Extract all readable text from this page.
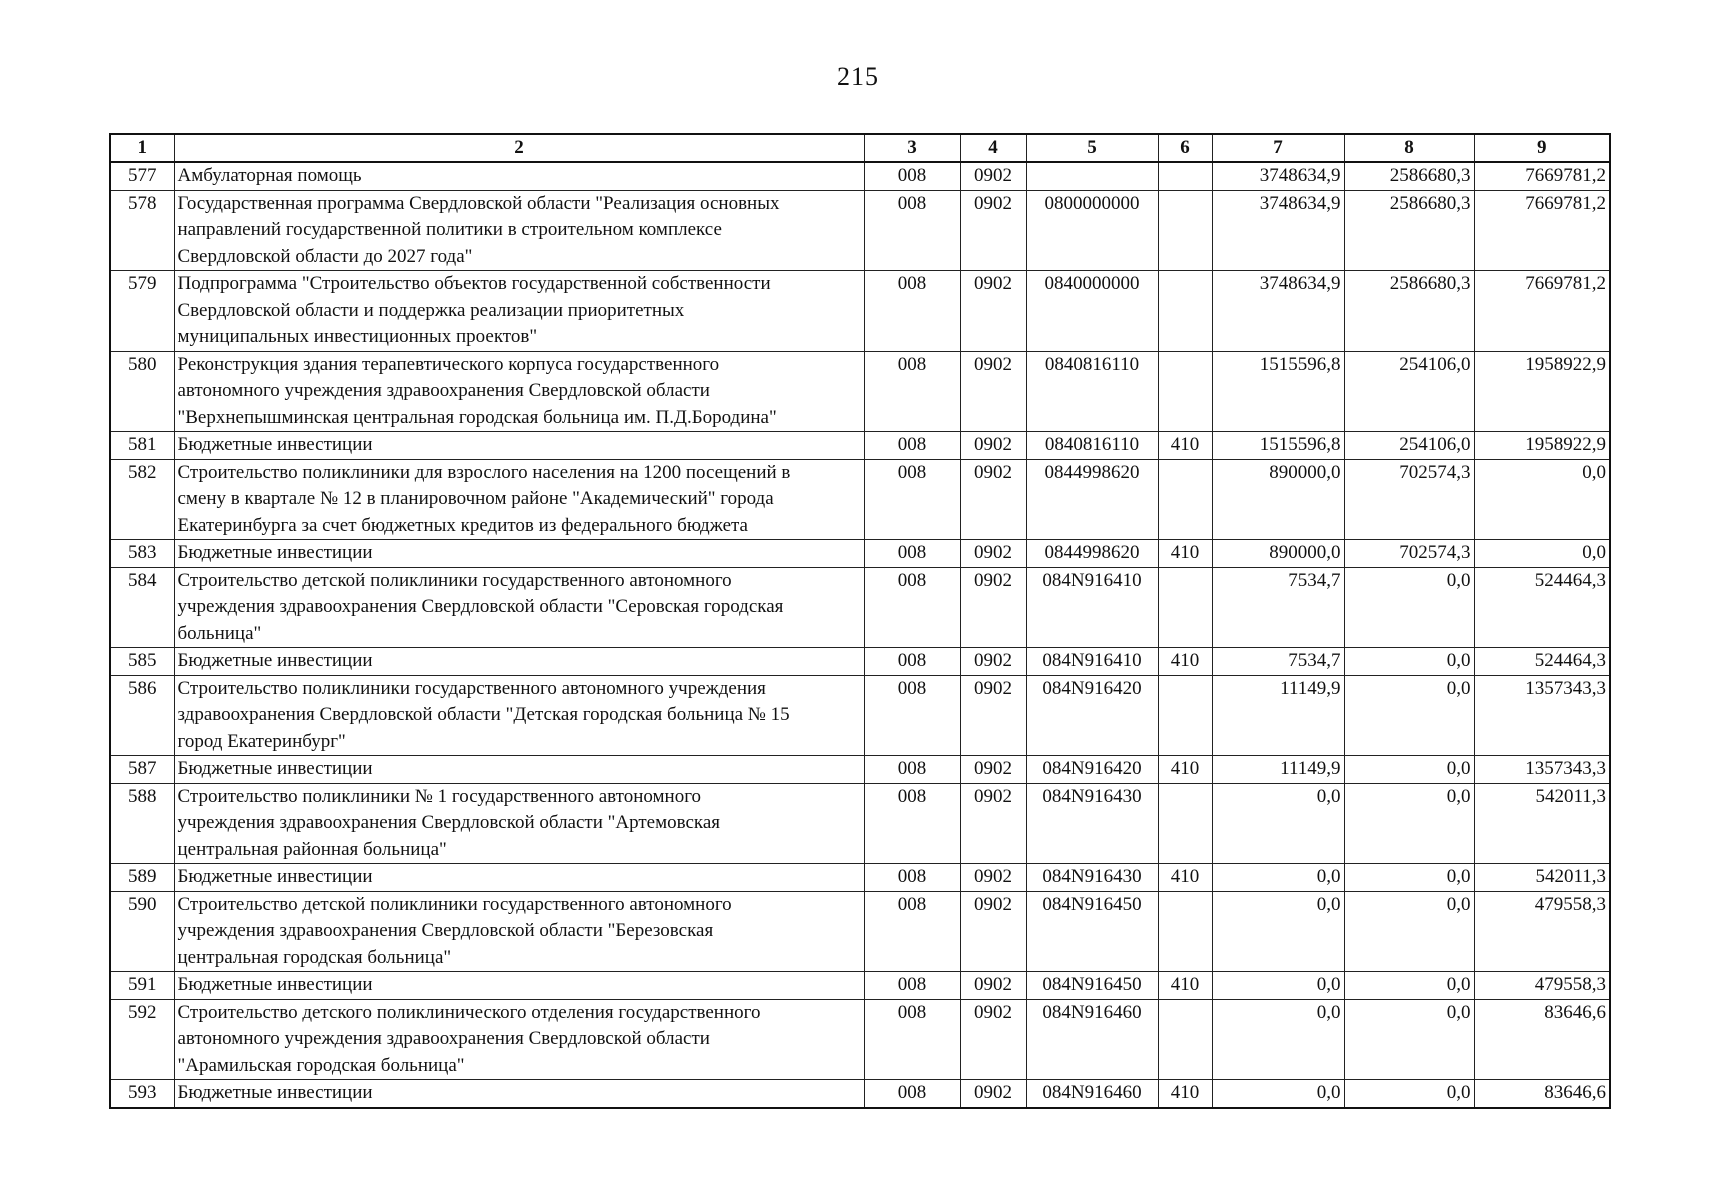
215
1	2	3	4	5	6	7	8	9
577	Амбулаторная помощь	008	0902			3748634,9	2586680,3	7669781,2
578	Государственная программа Свердловской области "Реализация основных
направлений государственной политики в строительном комплексе
Свердловской области до 2027 года"	008	0902	0800000000		3748634,9	2586680,3	7669781,2
579	Подпрограмма "Строительство объектов государственной собственности
Свердловской области и поддержка реализации приоритетных
муниципальных инвестиционных проектов"	008	0902	0840000000		3748634,9	2586680,3	7669781,2
580	Реконструкция здания терапевтического корпуса государственного
автономного учреждения здравоохранения Свердловской области
"Верхнепышминская центральная городская больница им. П.Д.Бородина"	008	0902	0840816110		1515596,8	254106,0	1958922,9
581	Бюджетные инвестиции	008	0902	0840816110	410	1515596,8	254106,0	1958922,9
582	Строительство поликлиники для взрослого населения на 1200 посещений в
смену в квартале № 12 в планировочном районе "Академический" города
Екатеринбурга за счет бюджетных кредитов из федерального бюджета	008	0902	0844998620		890000,0	702574,3	0,0
583	Бюджетные инвестиции	008	0902	0844998620	410	890000,0	702574,3	0,0
584	Строительство детской поликлиники государственного автономного
учреждения здравоохранения Свердловской области "Серовская городская
больница"	008	0902	084N916410		7534,7	0,0	524464,3
585	Бюджетные инвестиции	008	0902	084N916410	410	7534,7	0,0	524464,3
586	Строительство поликлиники государственного автономного учреждения
здравоохранения Свердловской области "Детская городская больница № 15
город Екатеринбург"	008	0902	084N916420		11149,9	0,0	1357343,3
587	Бюджетные инвестиции	008	0902	084N916420	410	11149,9	0,0	1357343,3
588	Строительство поликлиники № 1 государственного автономного
учреждения здравоохранения Свердловской области "Артемовская
центральная районная больница"	008	0902	084N916430		0,0	0,0	542011,3
589	Бюджетные инвестиции	008	0902	084N916430	410	0,0	0,0	542011,3
590	Строительство детской поликлиники государственного автономного
учреждения здравоохранения Свердловской области "Березовская
центральная городская больница"	008	0902	084N916450		0,0	0,0	479558,3
591	Бюджетные инвестиции	008	0902	084N916450	410	0,0	0,0	479558,3
592	Строительство детского поликлинического отделения государственного
автономного учреждения здравоохранения Свердловской области
"Арамильская городская больница"	008	0902	084N916460		0,0	0,0	83646,6
593	Бюджетные инвестиции	008	0902	084N916460	410	0,0	0,0	83646,6
